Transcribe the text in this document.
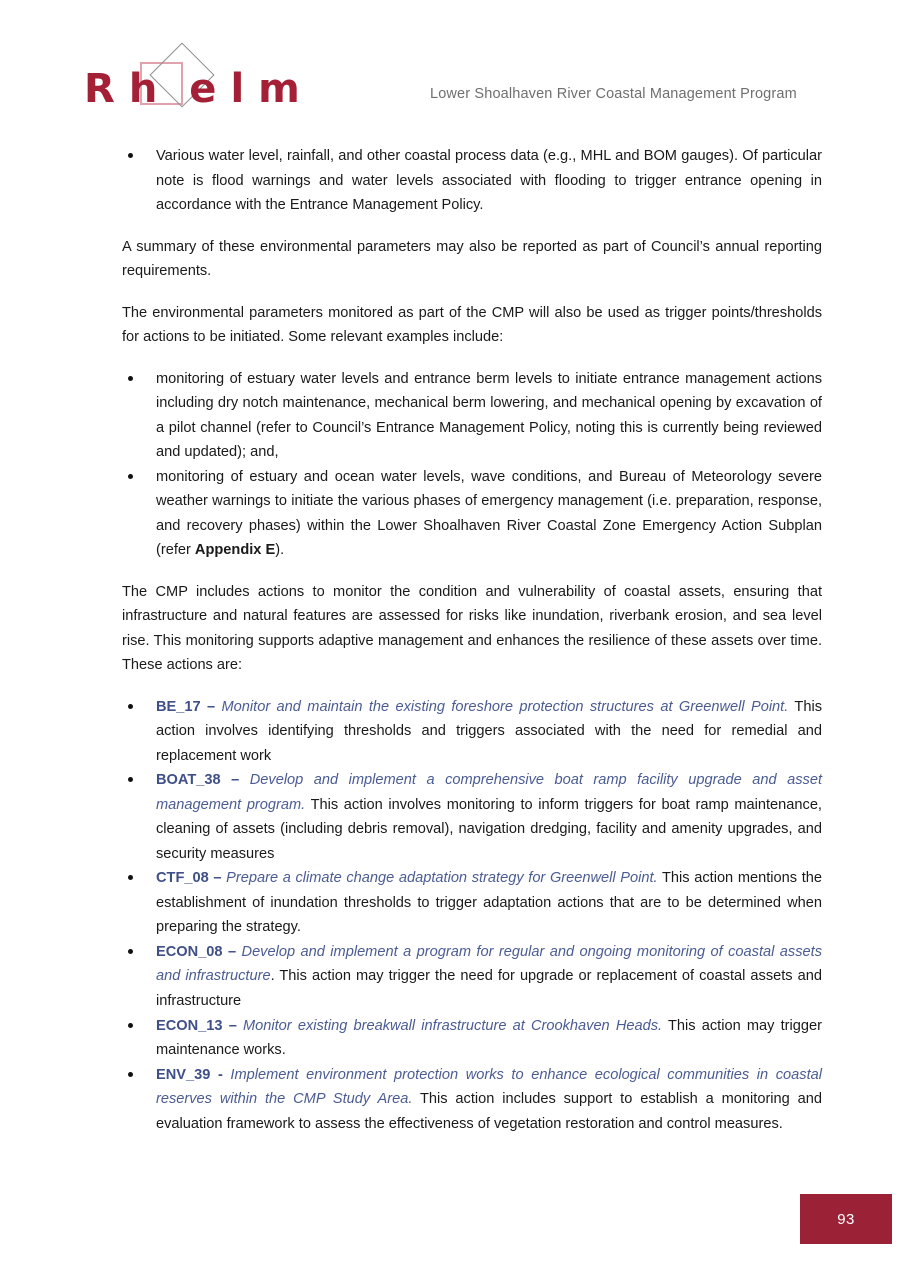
R h e l m	Lower Shoalhaven River Coastal Management Program
Various water level, rainfall, and other coastal process data (e.g., MHL and BOM gauges). Of particular note is flood warnings and water levels associated with flooding to trigger entrance opening in accordance with the Entrance Management Policy.

A summary of these environmental parameters may also be reported as part of Council’s annual reporting requirements.

The environmental parameters monitored as part of the CMP will also be used as trigger points/thresholds for actions to be initiated. Some relevant examples include:

monitoring of estuary water levels and entrance berm levels to initiate entrance management actions including dry notch maintenance, mechanical berm lowering, and mechanical opening by excavation of a pilot channel (refer to Council’s Entrance Management Policy, noting this is currently being reviewed and updated); and,
monitoring of estuary and ocean water levels, wave conditions, and Bureau of Meteorology severe weather warnings to initiate the various phases of emergency management (i.e. preparation, response, and recovery phases) within the Lower Shoalhaven River Coastal Zone Emergency Action Subplan (refer Appendix E).

The CMP includes actions to monitor the condition and vulnerability of coastal assets, ensuring that infrastructure and natural features are assessed for risks like inundation, riverbank erosion, and sea level rise. This monitoring supports adaptive management and enhances the resilience of these assets over time. These actions are:

BE_17 – Monitor and maintain the existing foreshore protection structures at Greenwell Point. This action involves identifying thresholds and triggers associated with the need for remedial and replacement work
BOAT_38 – Develop and implement a comprehensive boat ramp facility upgrade and asset management program. This action involves monitoring to inform triggers for boat ramp maintenance, cleaning of assets (including debris removal), navigation dredging, facility and amenity upgrades, and security measures
CTF_08 – Prepare a climate change adaptation strategy for Greenwell Point. This action mentions the establishment of inundation thresholds to trigger adaptation actions that are to be determined when preparing the strategy.
ECON_08 – Develop and implement a program for regular and ongoing monitoring of coastal assets and infrastructure. This action may trigger the need for upgrade or replacement of coastal assets and infrastructure
ECON_13 – Monitor existing breakwall infrastructure at Crookhaven Heads. This action may trigger maintenance works.
ENV_39 - Implement environment protection works to enhance ecological communities in coastal reserves within the CMP Study Area. This action includes support to establish a monitoring and evaluation framework to assess the effectiveness of vegetation restoration and control measures.
93
